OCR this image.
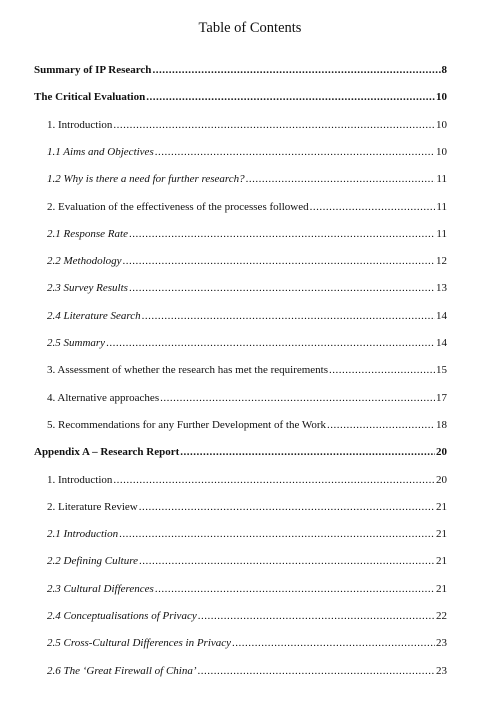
Table of Contents
Summary of IP Research .....	8
The Critical Evaluation .....	10
1. Introduction .....	10
1.1 Aims and Objectives .....	10
1.2 Why is there a need for further research? .....	11
2. Evaluation of the effectiveness of the processes followed .....	11
2.1 Response Rate .....	11
2.2 Methodology .....	12
2.3 Survey Results .....	13
2.4 Literature Search .....	14
2.5 Summary .....	14
3. Assessment of whether the research has met the requirements .....	15
4. Alternative approaches .....	17
5. Recommendations for any Further Development of the Work .....	18
Appendix A – Research Report .....	20
1. Introduction .....	20
2. Literature Review .....	21
2.1 Introduction .....	21
2.2 Defining Culture .....	21
2.3 Cultural Differences .....	21
2.4 Conceptualisations of Privacy .....	22
2.5 Cross-Cultural Differences in Privacy .....	23
2.6 The ‘Great Firewall of China’ .....	23
